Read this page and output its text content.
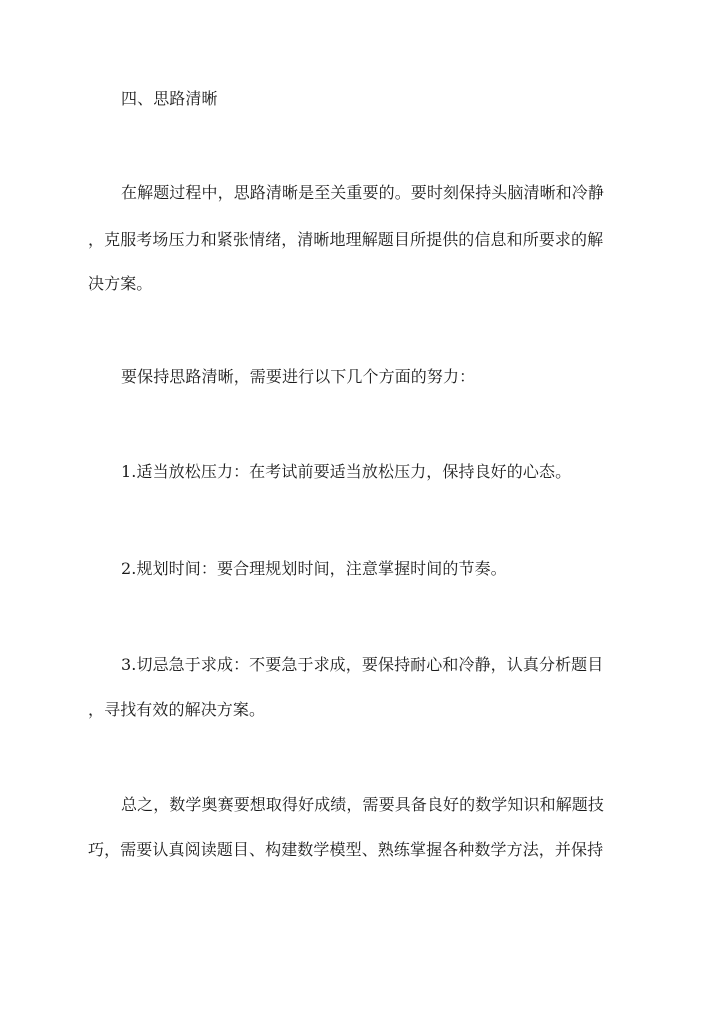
四、思路清晰
在解题过程中，思路清晰是至关重要的。要时刻保持头脑清晰和冷静
，克服考场压力和紧张情绪，清晰地理解题目所提供的信息和所要求的解
决方案。
要保持思路清晰，需要进行以下几个方面的努力：
1.适当放松压力：在考试前要适当放松压力，保持良好的心态。
2.规划时间：要合理规划时间，注意掌握时间的节奏。
3.切忌急于求成：不要急于求成，要保持耐心和冷静，认真分析题目
，寻找有效的解决方案。
总之，数学奥赛要想取得好成绩，需要具备良好的数学知识和解题技
巧，需要认真阅读题目、构建数学模型、熟练掌握各种数学方法，并保持
